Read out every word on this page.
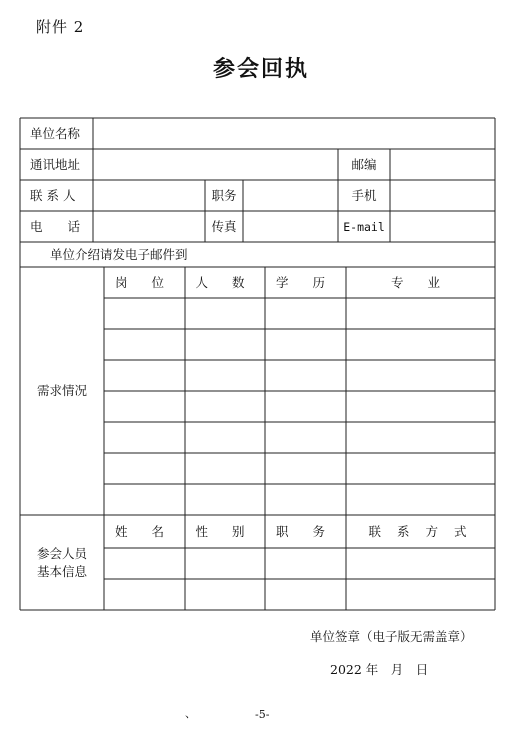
附件 2
参会回执
单位名称
通讯地址	邮编
联 系 人	职务	手机
电　　话	传真	E-mail
单位介绍请发电子邮件到
需求情况
岗 位	人 数	学 历	专 业
参会人员
基本信息
姓 名	性 别	职 务	联 系 方 式
单位签章（电子版无需盖章）
2022 年　月　日
-5-
、
